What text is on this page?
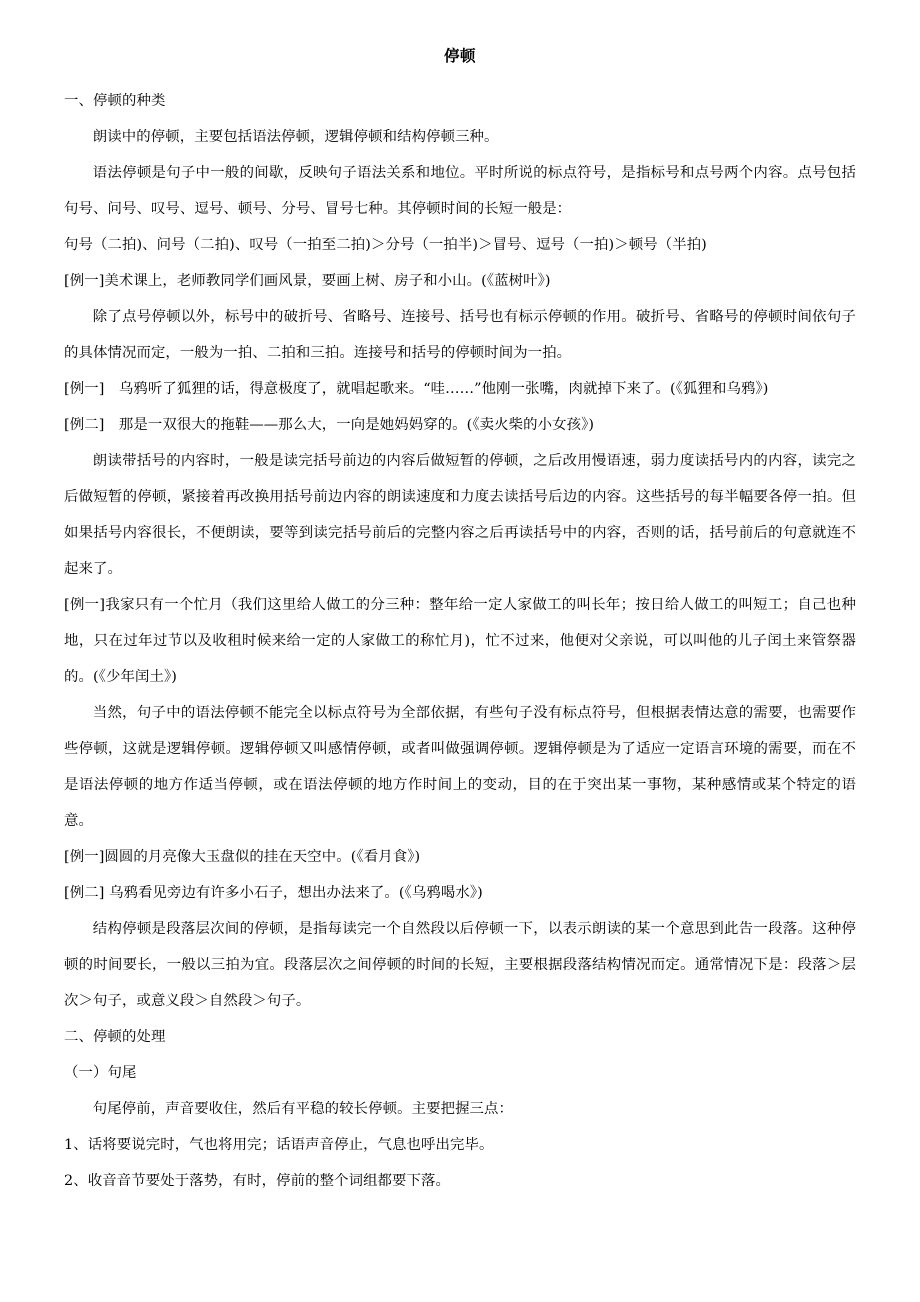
停顿

一、停顿的种类

朗读中的停顿，主要包括语法停顿，逻辑停顿和结构停顿三种。

语法停顿是句子中一般的间歇，反映句子语法关系和地位。平时所说的标点符号，是指标号和点号两个内容。点号包括句号、问号、叹号、逗号、顿号、分号、冒号七种。其停顿时间的长短一般是：

句号（二拍)、问号（二拍)、叹号（一拍至二拍)＞分号（一拍半)＞冒号、逗号（一拍)＞顿号（半拍)

[例一]美术课上，老师教同学们画风景，要画上树、房子和小山。(《蓝树叶》)

除了点号停顿以外，标号中的破折号、省略号、连接号、括号也有标示停顿的作用。破折号、省略号的停顿时间依句子的具体情况而定，一般为一拍、二拍和三拍。连接号和括号的停顿时间为一拍。

[例一]　乌鸦听了狐狸的话，得意极度了，就唱起歌来。“哇……”他刚一张嘴，肉就掉下来了。(《狐狸和乌鸦》)

[例二]　那是一双很大的拖鞋——那么大，一向是她妈妈穿的。(《卖火柴的小女孩》)

朗读带括号的内容时，一般是读完括号前边的内容后做短暂的停顿，之后改用慢语速，弱力度读括号内的内容，读完之后做短暂的停顿，紧接着再改换用括号前边内容的朗读速度和力度去读括号后边的内容。这些括号的每半幅要各停一拍。但如果括号内容很长，不便朗读，要等到读完括号前后的完整内容之后再读括号中的内容，否则的话，括号前后的句意就连不起来了。

[例一]我家只有一个忙月（我们这里给人做工的分三种：整年给一定人家做工的叫长年；按日给人做工的叫短工；自己也种地，只在过年过节以及收租时候来给一定的人家做工的称忙月)，忙不过来，他便对父亲说，可以叫他的儿子闰土来管祭器的。(《少年闰土》)

当然，句子中的语法停顿不能完全以标点符号为全部依据，有些句子没有标点符号，但根据表情达意的需要，也需要作些停顿，这就是逻辑停顿。逻辑停顿又叫感情停顿，或者叫做强调停顿。逻辑停顿是为了适应一定语言环境的需要，而在不是语法停顿的地方作适当停顿，或在语法停顿的地方作时间上的变动，目的在于突出某一事物，某种感情或某个特定的语意。

[例一]圆圆的月亮像大玉盘似的挂在天空中。(《看月食》)

[例二] 乌鸦看见旁边有许多小石子，想出办法来了。(《乌鸦喝水》)

结构停顿是段落层次间的停顿，是指每读完一个自然段以后停顿一下，以表示朗读的某一个意思到此告一段落。这种停顿的时间要长，一般以三拍为宜。段落层次之间停顿的时间的长短，主要根据段落结构情况而定。通常情况下是：段落＞层次＞句子，或意义段＞自然段＞句子。

二、停顿的处理

（一）句尾

句尾停前，声音要收住，然后有平稳的较长停顿。主要把握三点：

1、话将要说完时，气也将用完；话语声音停止，气息也呼出完毕。

2、收音音节要处于落势，有时，停前的整个词组都要下落。
